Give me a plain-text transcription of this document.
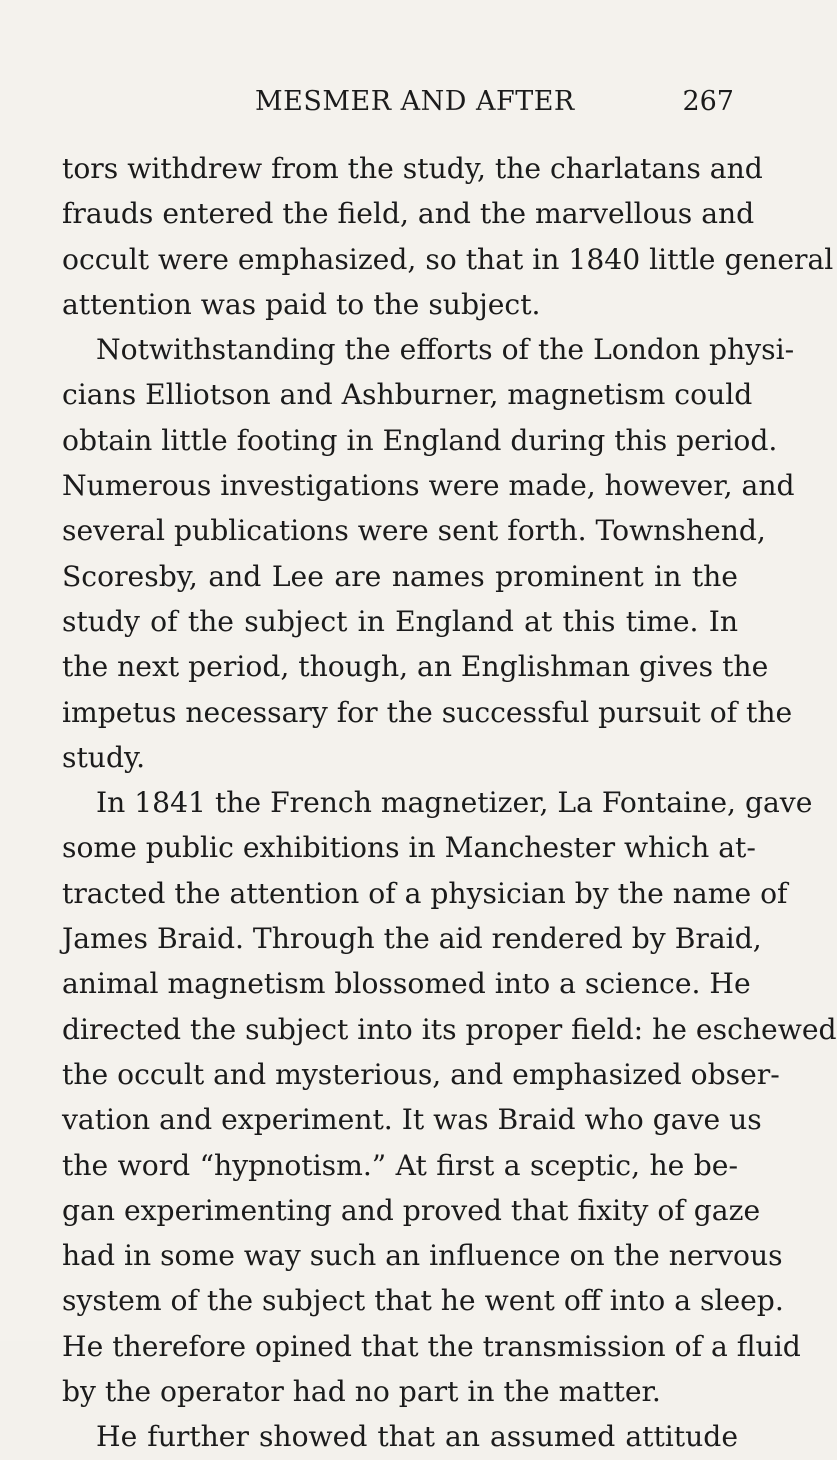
MESMER AND AFTER	267
tors withdrew from the study, the charlatans and
frauds entered the field, and the marvellous and
occult were emphasized, so that in 1840 little general
attention was paid to the subject.
Notwithstanding the efforts of the London physi-
cians Elliotson and Ashburner, magnetism could
obtain little footing in England during this period.
Numerous investigations were made, however, and
several publications were sent forth. Townshend,
Scoresby, and Lee are names prominent in the
study of the subject in England at this time. In
the next period, though, an Englishman gives the
impetus necessary for the successful pursuit of the
study.
In 1841 the French magnetizer, La Fontaine, gave
some public exhibitions in Manchester which at-
tracted the attention of a physician by the name of
James Braid. Through the aid rendered by Braid,
animal magnetism blossomed into a science. He
directed the subject into its proper field: he eschewed
the occult and mysterious, and emphasized obser-
vation and experiment. It was Braid who gave us
the word “hypnotism.” At first a sceptic, he be-
gan experimenting and proved that fixity of gaze
had in some way such an influence on the nervous
system of the subject that he went off into a sleep.
He therefore opined that the transmission of a fluid
by the operator had no part in the matter.
He further showed that an assumed attitude
